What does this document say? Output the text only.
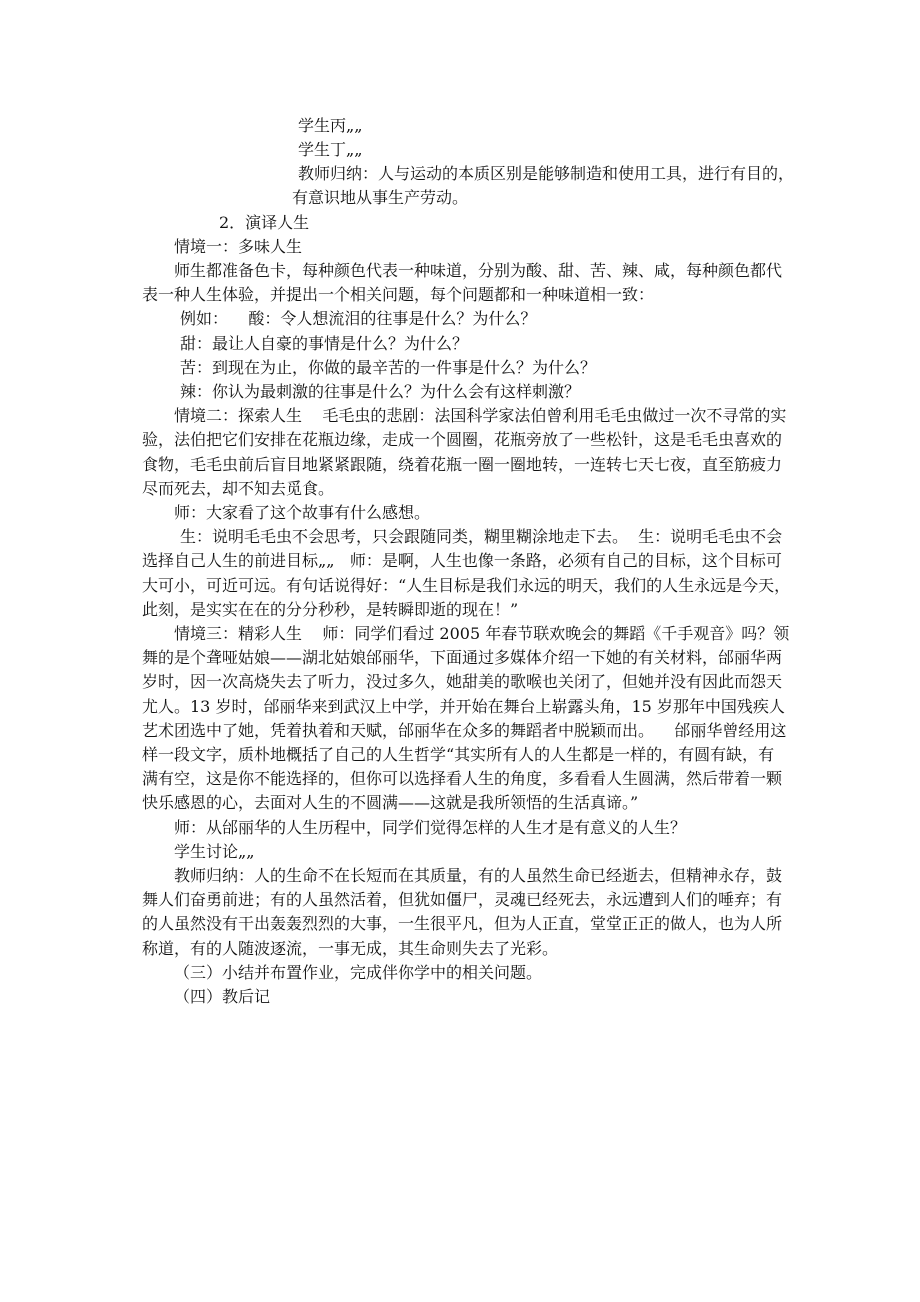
学生丙„„
学生丁„„
教师归纳：人与运动的本质区别是能够制造和使用工具，进行有目的，
有意识地从事生产劳动。
2．演译人生
情境一：多味人生
师生都准备色卡，每种颜色代表一种味道，分别为酸、甜、苦、辣、咸，每种颜色都代
表一种人生体验，并提出一个相关问题，每个问题都和一种味道相一致：
例如：    酸：令人想流泪的往事是什么？为什么？
甜：最让人自豪的事情是什么？为什么？
苦：到现在为止，你做的最辛苦的一件事是什么？为什么？
辣：你认为最刺激的往事是什么？为什么会有这样刺激？
情境二：探索人生    毛毛虫的悲剧：法国科学家法伯曾利用毛毛虫做过一次不寻常的实
验，法伯把它们安排在花瓶边缘，走成一个圆圈，花瓶旁放了一些松针，这是毛毛虫喜欢的
食物，毛毛虫前后盲目地紧紧跟随，绕着花瓶一圈一圈地转，一连转七天七夜，直至筋疲力
尽而死去，却不知去觅食。
师：大家看了这个故事有什么感想。
生：说明毛毛虫不会思考，只会跟随同类，糊里糊涂地走下去。  生：说明毛毛虫不会
选择自己人生的前进目标„„   师：是啊，人生也像一条路，必须有自己的目标，这个目标可
大可小，可近可远。有句话说得好：“人生目标是我们永远的明天，我们的人生永远是今天，
此刻，是实实在在的分分秒秒，是转瞬即逝的现在！”
情境三：精彩人生    师：同学们看过 2005 年春节联欢晚会的舞蹈《千手观音》吗？领
舞的是个聋哑姑娘——湖北姑娘邰丽华，下面通过多媒体介绍一下她的有关材料，邰丽华两
岁时，因一次高烧失去了听力，没过多久，她甜美的歌喉也关闭了，但她并没有因此而怨天
尤人。13 岁时，邰丽华来到武汉上中学，并开始在舞台上崭露头角，15 岁那年中国残疾人
艺术团选中了她，凭着执着和天赋，邰丽华在众多的舞蹈者中脱颖而出。    邰丽华曾经用这
样一段文字，质朴地概括了自己的人生哲学“其实所有人的人生都是一样的，有圆有缺，有
满有空，这是你不能选择的，但你可以选择看人生的角度，多看看人生圆满，然后带着一颗
快乐感恩的心，去面对人生的不圆满——这就是我所领悟的生活真谛。”
师：从邰丽华的人生历程中，同学们觉得怎样的人生才是有意义的人生？
学生讨论„„
教师归纳：人的生命不在长短而在其质量，有的人虽然生命已经逝去，但精神永存，鼓
舞人们奋勇前进；有的人虽然活着，但犹如僵尸，灵魂已经死去，永远遭到人们的唾弃；有
的人虽然没有干出轰轰烈烈的大事，一生很平凡，但为人正直，堂堂正正的做人，也为人所
称道，有的人随波逐流，一事无成，其生命则失去了光彩。
（三）小结并布置作业，完成伴你学中的相关问题。
（四）教后记
